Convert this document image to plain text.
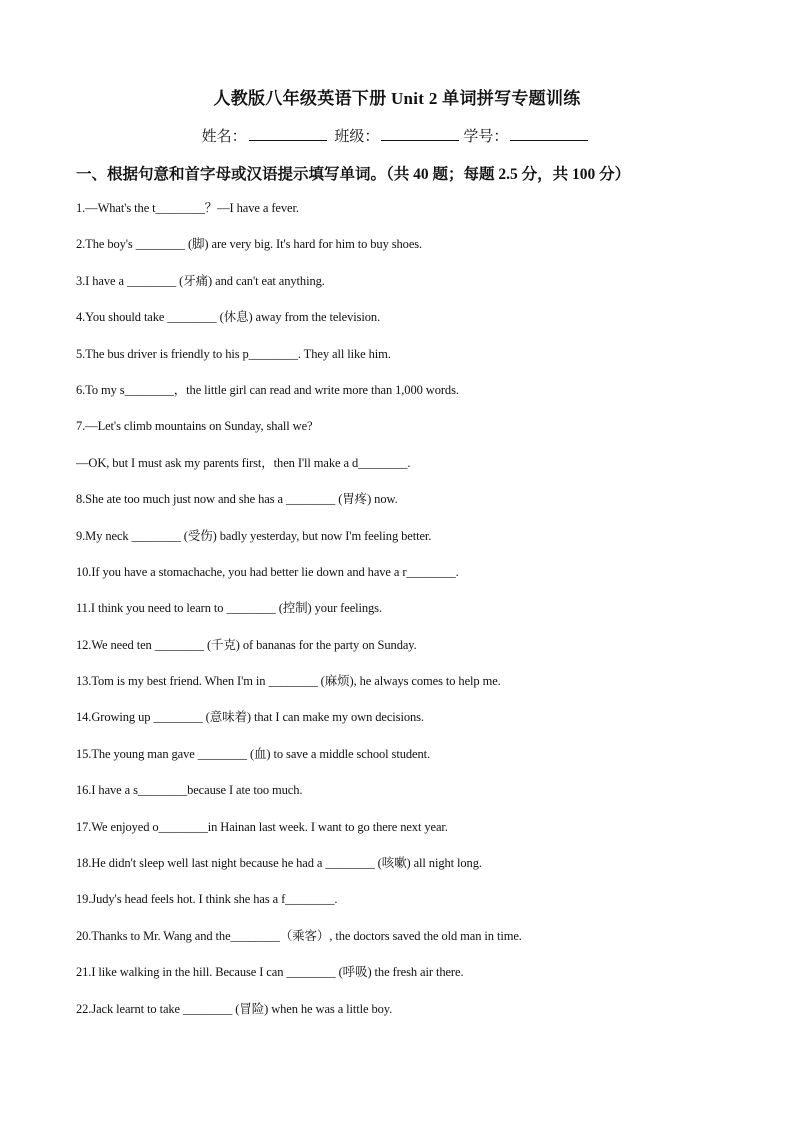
人教版八年级英语下册 Unit 2 单词拼写专题训练
姓名：	班级：	学号：
一、根据句意和首字母或汉语提示填写单词。（共 40 题；每题 2.5 分，共 100 分）
1.—What's the t________？—I have a fever.
2.The boy's ________ (脚) are very big. It's hard for him to buy shoes.
3.I have a ________ (牙痛) and can't eat anything.
4.You should take ________ (休息) away from the television.
5.The bus driver is friendly to his p________. They all like him.
6.To my s________，the little girl can read and write more than 1,000 words.
7.—Let's climb mountains on Sunday, shall we?
—OK, but I must ask my parents first，then I'll make a d________.
8.She ate too much just now and she has a ________ (胃疼) now.
9.My neck ________ (受伤) badly yesterday, but now I'm feeling better.
10.If you have a stomachache, you had better lie down and have a r________.
11.I think you need to learn to ________ (控制) your feelings.
12.We need ten ________ (千克) of bananas for the party on Sunday.
13.Tom is my best friend. When I'm in ________ (麻烦), he always comes to help me.
14.Growing up ________ (意味着) that I can make my own decisions.
15.The young man gave ________ (血) to save a middle school student.
16.I have a s________because I ate too much.
17.We enjoyed o________in Hainan last week. I want to go there next year.
18.He didn't sleep well last night because he had a ________ (咳嗽) all night long.
19.Judy's head feels hot. I think she has a f________.
20.Thanks to Mr. Wang and the________（乘客）, the doctors saved the old man in time.
21.I like walking in the hill. Because I can ________ (呼吸) the fresh air there.
22.Jack learnt to take ________ (冒险) when he was a little boy.
